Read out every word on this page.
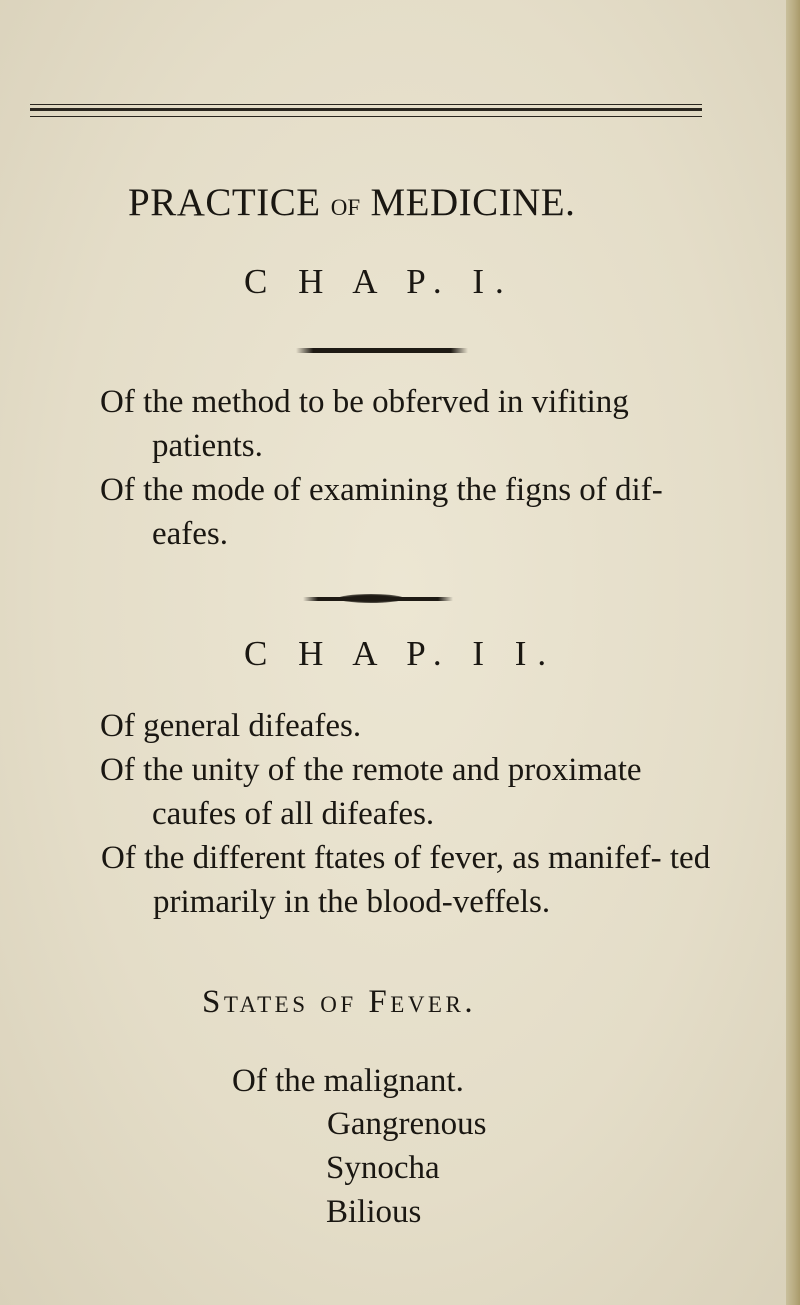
PRACTICE OF MEDICINE.
C H A P. I.
Of the method to be obferved in vifiting patients.
Of the mode of examining the figns of dif- eafes.
C H A P. I I.
Of general difeafes.
Of the unity of the remote and proximate caufes of all difeafes.
Of the different ftates of fever, as manifef- ted primarily in the blood-veffels.
States of Fever.
Of the malignant.
Gangrenous
Synocha
Bilious
